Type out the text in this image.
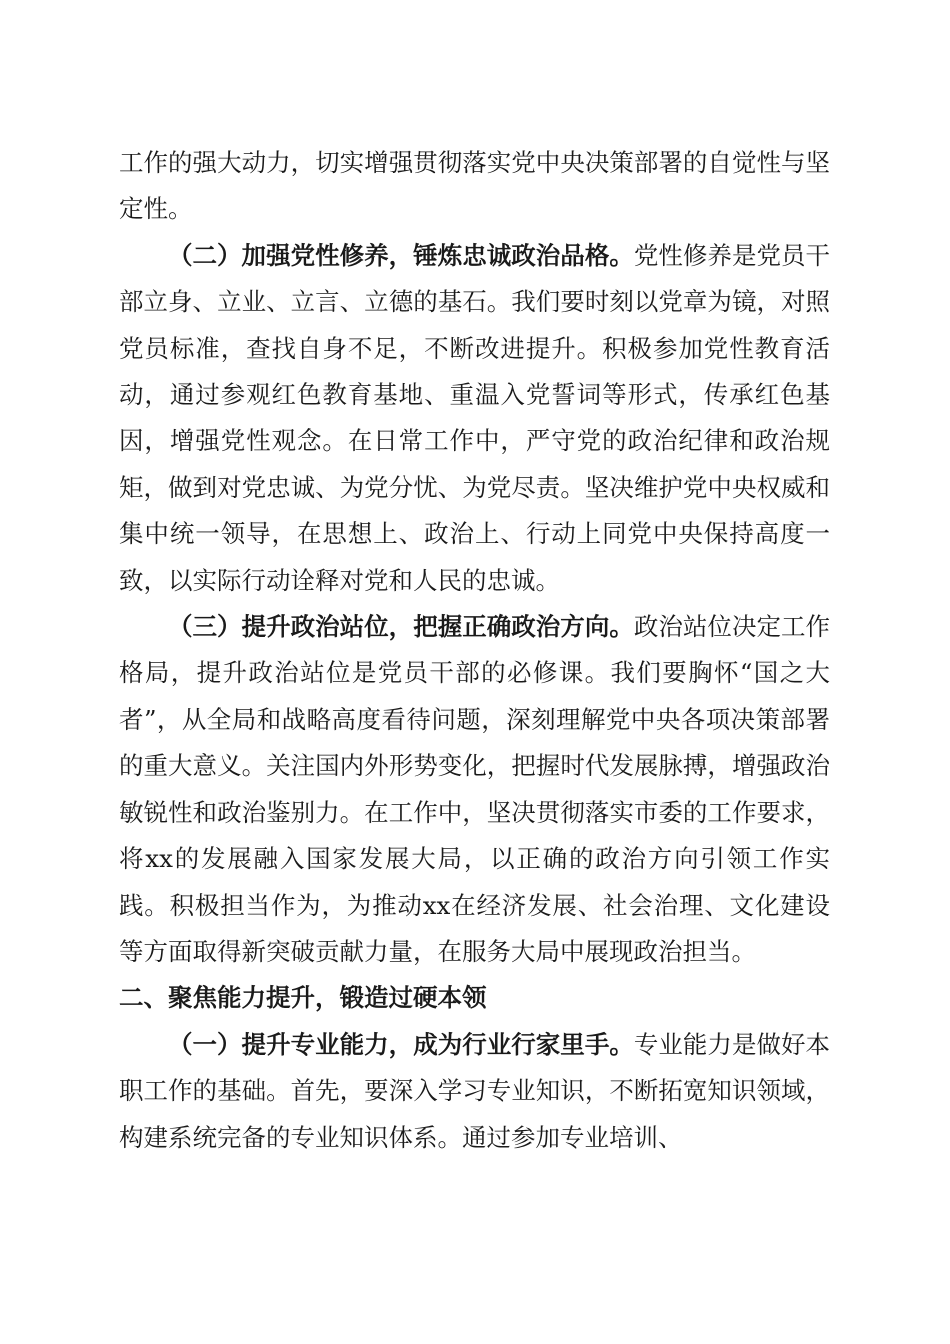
工作的强大动力，切实增强贯彻落实党中央决策部署的自觉性与坚定性。

（二）加强党性修养，锤炼忠诚政治品格。党性修养是党员干部立身、立业、立言、立德的基石。我们要时刻以党章为镜，对照党员标准，查找自身不足，不断改进提升。积极参加党性教育活动，通过参观红色教育基地、重温入党誓词等形式，传承红色基因，增强党性观念。在日常工作中，严守党的政治纪律和政治规矩，做到对党忠诚、为党分忧、为党尽责。坚决维护党中央权威和集中统一领导，在思想上、政治上、行动上同党中央保持高度一致，以实际行动诠释对党和人民的忠诚。

（三）提升政治站位，把握正确政治方向。政治站位决定工作格局，提升政治站位是党员干部的必修课。我们要胸怀“国之大者”，从全局和战略高度看待问题，深刻理解党中央各项决策部署的重大意义。关注国内外形势变化，把握时代发展脉搏，增强政治敏锐性和政治鉴别力。在工作中，坚决贯彻落实市委的工作要求，将xx的发展融入国家发展大局，以正确的政治方向引领工作实践。积极担当作为，为推动xx在经济发展、社会治理、文化建设等方面取得新突破贡献力量，在服务大局中展现政治担当。

二、聚焦能力提升，锻造过硬本领

（一）提升专业能力，成为行业行家里手。专业能力是做好本职工作的基础。首先，要深入学习专业知识，不断拓宽知识领域，构建系统完备的专业知识体系。通过参加专业培训、
